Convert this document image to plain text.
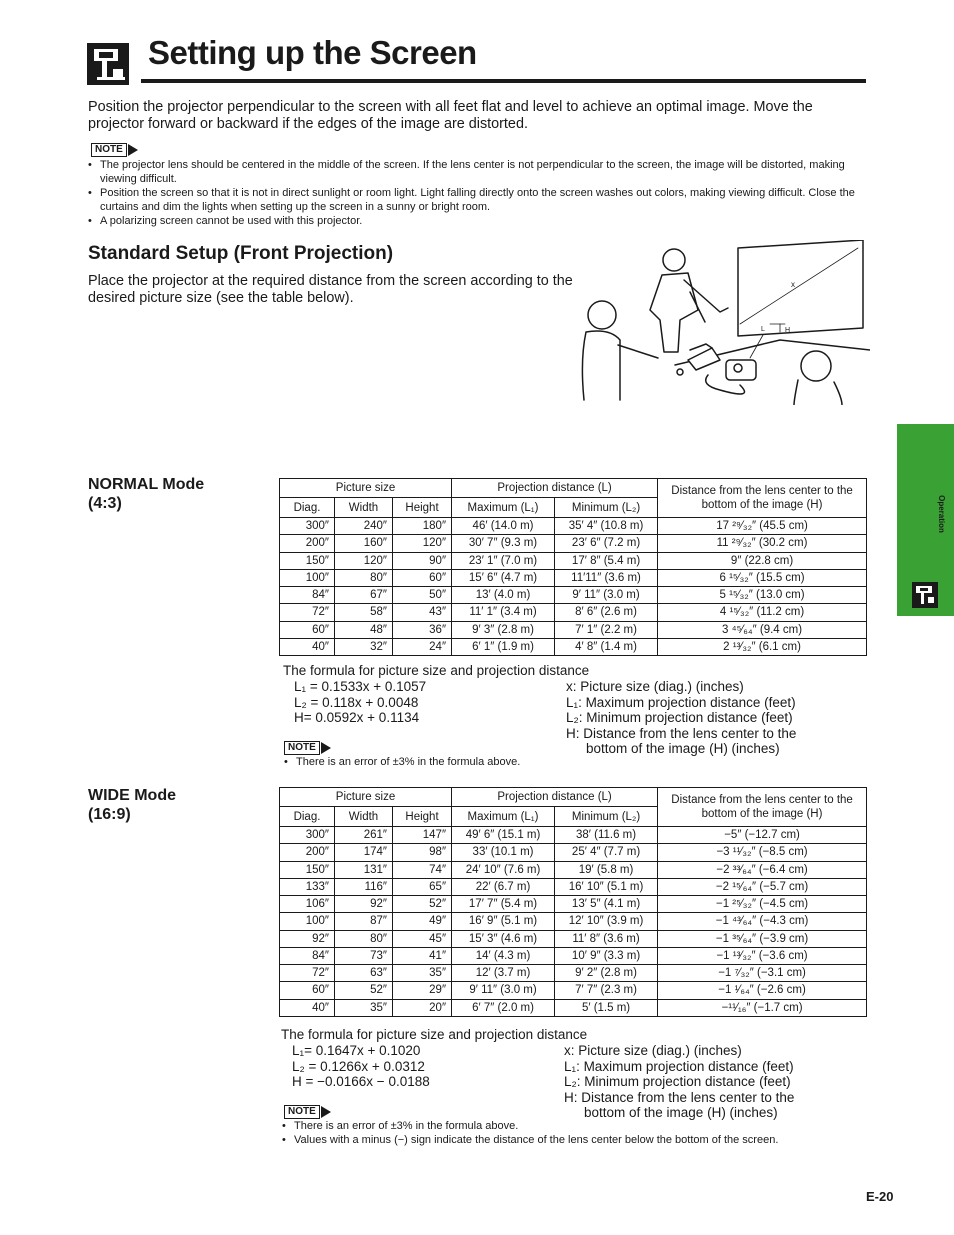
Setting up the Screen

Position the projector perpendicular to the screen with all feet flat and level to achieve an optimal image. Move the projector forward or backward if the edges of the image are distorted.

NOTE
• The projector lens should be centered in the middle of the screen. If the lens center is not perpendicular to the screen, the image will be distorted, making viewing difficult.
• Position the screen so that it is not in direct sunlight or room light. Light falling directly onto the screen washes out colors, making viewing difficult. Close the curtains and dim the lights when setting up the screen in a sunny or bright room.
• A polarizing screen cannot be used with this projector.
Standard Setup (Front Projection)

Place the projector at the required distance from the screen according to the desired picture size (see the table below).

x
L	H
NORMAL Mode
(4:3)
Picture size			Projection distance (L)		Distance from the lens center to the bottom of the image (H)
Diag.	Width	Height	Maximum (L₁)	Minimum (L₂)	
300″	240″	180″	46′ (14.0 m)	35′ 4″ (10.8 m)	17 ²⁹⁄₃₂″ (45.5 cm)
200″	160″	120″	30′ 7″ (9.3 m)	23′ 6″ (7.2 m)	11 ²⁹⁄₃₂″ (30.2 cm)
150″	120″	90″	23′ 1″ (7.0 m)	17′ 8″ (5.4 m)	9″ (22.8 cm)
100″	80″	60″	15′ 6″ (4.7 m)	11′11″ (3.6 m)	6 ¹⁵⁄₃₂″ (15.5 cm)
84″	67″	50″	13′ (4.0 m)	9′ 11″ (3.0 m)	5 ¹⁵⁄₃₂″ (13.0 cm)
72″	58″	43″	11′ 1″ (3.4 m)	8′ 6″ (2.6 m)	4 ¹⁵⁄₃₂″ (11.2 cm)
60″	48″	36″	9′ 3″ (2.8 m)	7′ 1″ (2.2 m)	3 ⁴⁵⁄₆₄″ (9.4 cm)
40″	32″	24″	6′ 1″ (1.9 m)	4′ 8″ (1.4 m)	2 ¹³⁄₃₂″ (6.1 cm)
The formula for picture size and projection distance
L₁ = 0.1533x + 0.1057
L₂ = 0.118x + 0.0048
H= 0.0592x + 0.1134
x: Picture size (diag.) (inches)
L₁: Maximum projection distance (feet)
L₂: Minimum projection distance (feet)
H: Distance from the lens center to the
bottom of the image (H) (inches)
NOTE
• There is an error of ±3% in the formula above.
WIDE Mode
(16:9)
Picture size			Projection distance (L)		Distance from the lens center to the bottom of the image (H)
Diag.	Width	Height	Maximum (L₁)	Minimum (L₂)	
300″	261″	147″	49′ 6″ (15.1 m)	38′ (11.6 m)	−5″ (−12.7 cm)
200″	174″	98″	33′ (10.1 m)	25′ 4″ (7.7 m)	−3 ¹¹⁄₃₂″ (−8.5 cm)
150″	131″	74″	24′ 10″ (7.6 m)	19′ (5.8 m)	−2 ³³⁄₆₄″ (−6.4 cm)
133″	116″	65″	22′ (6.7 m)	16′ 10″ (5.1 m)	−2 ¹⁵⁄₆₄″ (−5.7 cm)
106″	92″	52″	17′ 7″ (5.4 m)	13′ 5″ (4.1 m)	−1 ²⁵⁄₃₂″ (−4.5 cm)
100″	87″	49″	16′ 9″ (5.1 m)	12′ 10″ (3.9 m)	−1 ⁴³⁄₆₄″ (−4.3 cm)
92″	80″	45″	15′ 3″ (4.6 m)	11′ 8″ (3.6 m)	−1 ³⁵⁄₆₄″ (−3.9 cm)
84″	73″	41″	14′ (4.3 m)	10′ 9″ (3.3 m)	−1 ¹³⁄₃₂″ (−3.6 cm)
72″	63″	35″	12′ (3.7 m)	9′ 2″ (2.8 m)	−1 ⁷⁄₃₂″ (−3.1 cm)
60″	52″	29″	9′ 11″ (3.0 m)	7′ 7″ (2.3 m)	−1 ¹⁄₆₄″ (−2.6 cm)
40″	35″	20″	6′ 7″ (2.0 m)	5′ (1.5 m)	−¹¹⁄₁₆″ (−1.7 cm)
The formula for picture size and projection distance
L₁= 0.1647x + 0.1020
L₂ = 0.1266x + 0.0312
H = −0.0166x − 0.0188
x: Picture size (diag.) (inches)
L₁: Maximum projection distance (feet)
L₂: Minimum projection distance (feet)
H: Distance from the lens center to the
bottom of the image (H) (inches)
NOTE
• There is an error of ±3% in the formula above.
• Values with a minus (−) sign indicate the distance of the lens center below the bottom of the screen.
Operation
E-20
